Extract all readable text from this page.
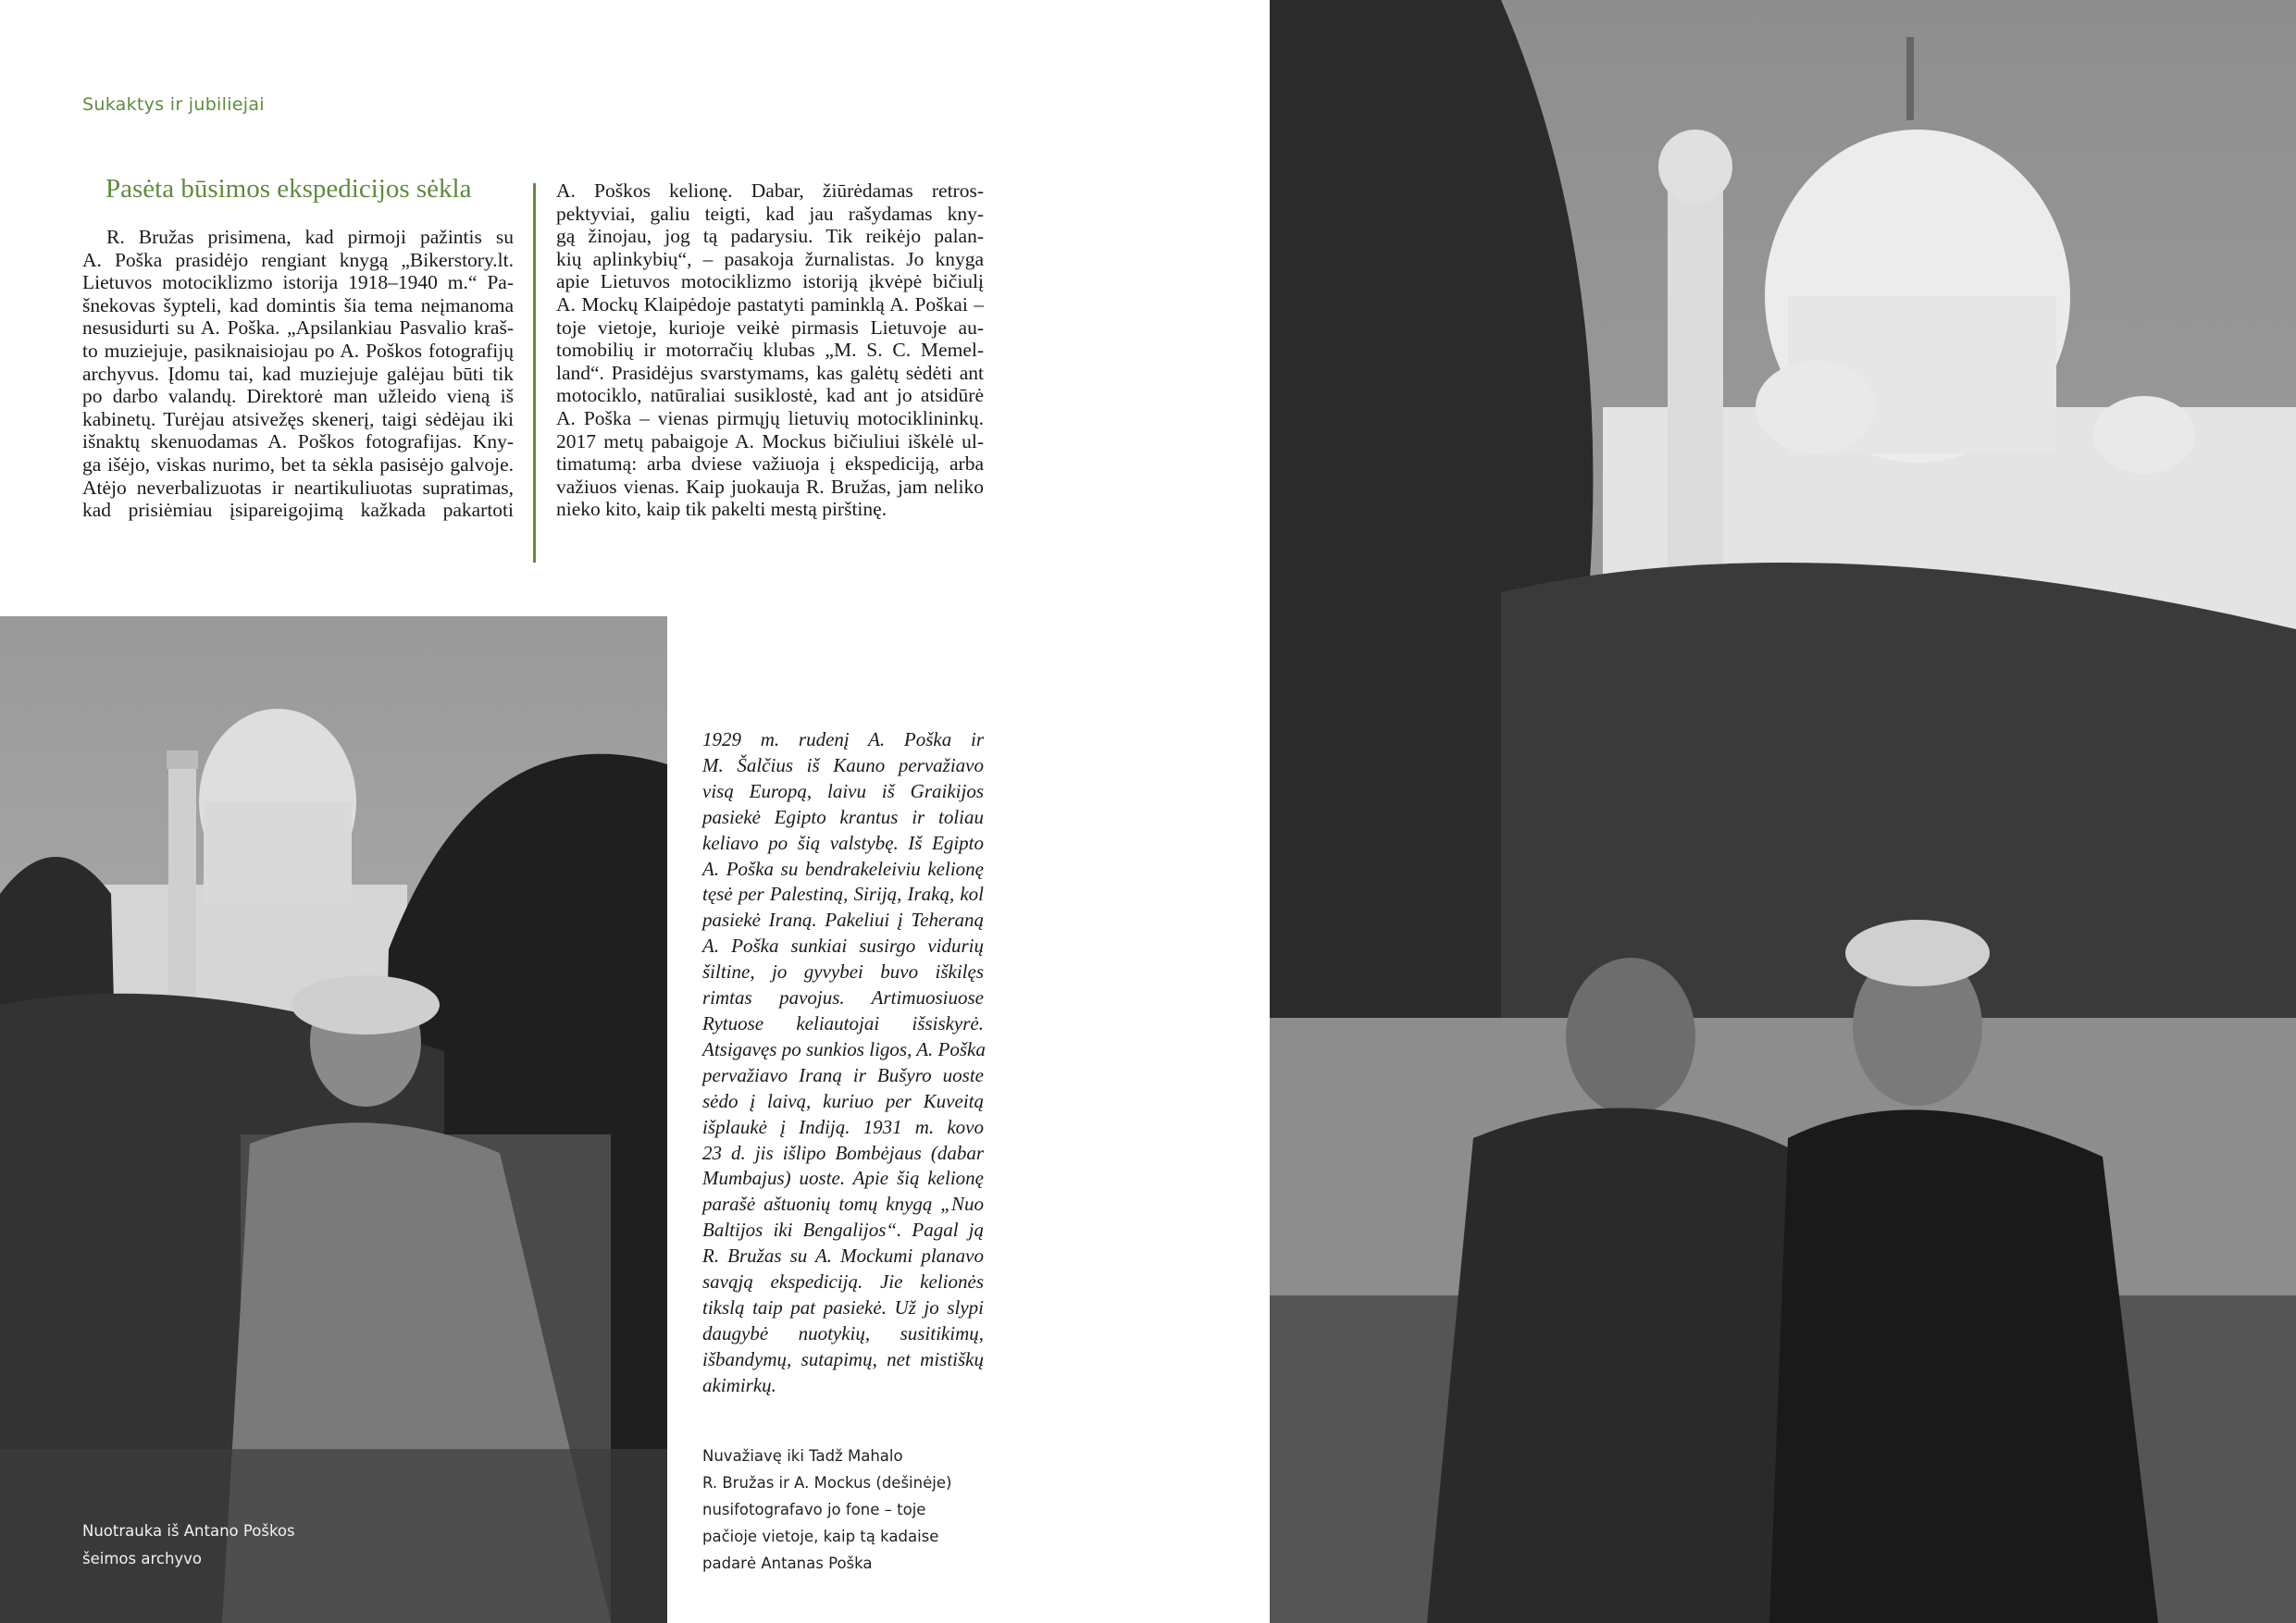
Sukaktys ir jubiliejai
Pasėta būsimos ekspedicijos sėkla
R. Bružas prisimena, kad pirmoji pažintis su
A. Poška prasidėjo rengiant knygą „Bikerstory.lt.
Lietuvos motociklizmo istorija 1918–1940 m.“ Pa-
šnekovas šypteli, kad domintis šia tema neįmanoma
nesusidurti su A. Poška. „Apsilankiau Pasvalio kraš-
to muziejuje, pasiknaisiojau po A. Poškos fotografijų
archyvus. Įdomu tai, kad muziejuje galėjau būti tik
po darbo valandų. Direktorė man užleido vieną iš
kabinetų. Turėjau atsivežęs skenerį, taigi sėdėjau iki
išnaktų skenuodamas A. Poškos fotografijas. Kny-
ga išėjo, viskas nurimo, bet ta sėkla pasisėjo galvoje.
Atėjo neverbalizuotas ir neartikuliuotas supratimas,
kad prisiėmiau įsipareigojimą kažkada pakartoti
A. Poškos kelionę. Dabar, žiūrėdamas retros-
pektyviai, galiu teigti, kad jau rašydamas kny-
gą žinojau, jog tą padarysiu. Tik reikėjo palan-
kių aplinkybių“, – pasakoja žurnalistas. Jo knyga
apie Lietuvos motociklizmo istoriją įkvėpė bičiulį
A. Mockų Klaipėdoje pastatyti paminklą A. Poškai –
toje vietoje, kurioje veikė pirmasis Lietuvoje au-
tomobilių ir motorračių klubas „M. S. C. Memel-
land“. Prasidėjus svarstymams, kas galėtų sėdėti ant
motociklo, natūraliai susiklostė, kad ant jo atsidūrė
A. Poška – vienas pirmųjų lietuvių motociklininkų.
2017 metų pabaigoje A. Mockus bičiuliui iškėlė ul-
timatumą: arba dviese važiuoja į ekspediciją, arba
važiuos vienas. Kaip juokauja R. Bružas, jam neliko
nieko kito, kaip tik pakelti mestą pirštinę.
Nuotrauka iš Antano Poškos
šeimos archyvo
1929 m. rudenį A. Poška ir
M. Šalčius iš Kauno pervažiavo
visą Europą, laivu iš Graikijos
pasiekė Egipto krantus ir toliau
keliavo po šią valstybę. Iš Egipto
A. Poška su bendrakeleiviu kelionę
tęsė per Palestiną, Siriją, Iraką, kol
pasiekė Iraną. Pakeliui į Teheraną
A. Poška sunkiai susirgo vidurių
šiltine, jo gyvybei buvo iškilęs
rimtas pavojus. Artimuosiuose
Rytuose keliautojai išsiskyrė.
Atsigavęs po sunkios ligos, A. Poška
pervažiavo Iraną ir Bušyro uoste
sėdo į laivą, kuriuo per Kuveitą
išplaukė į Indiją. 1931 m. kovo
23 d. jis išlipo Bombėjaus (dabar
Mumbajus) uoste. Apie šią kelionę
parašė aštuonių tomų knygą „Nuo
Baltijos iki Bengalijos“. Pagal ją
R. Bružas su A. Mockumi planavo
savąją ekspediciją. Jie kelionės
tikslą taip pat pasiekė. Už jo slypi
daugybė nuotykių, susitikimų,
išbandymų, sutapimų, net mistiškų
akimirkų.
Nuvažiavę iki Tadž Mahalo
R. Bružas ir A. Mockus (dešinėje)
nusifotografavo jo fone – toje
pačioje vietoje, kaip tą kadaise
padarė Antanas Poška
